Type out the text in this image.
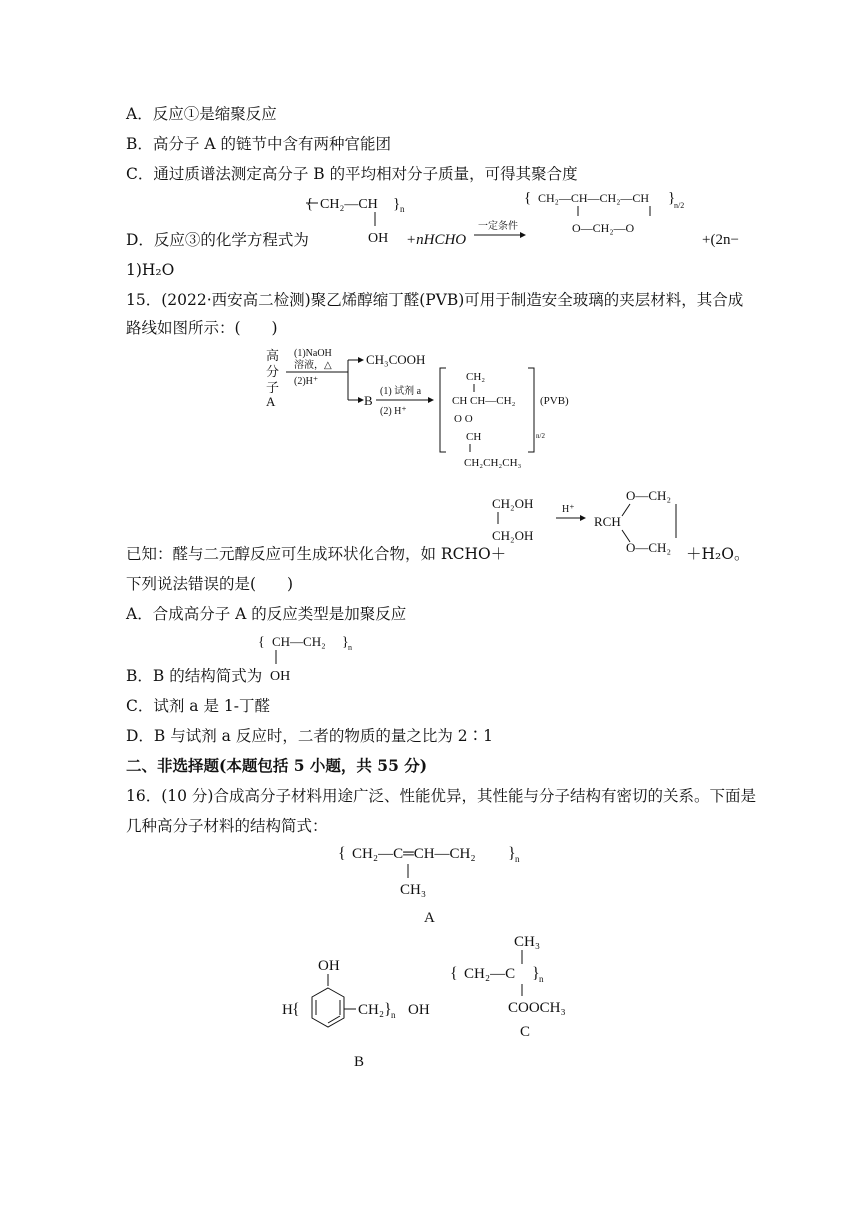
A．反应①是缩聚反应
B．高分子 A 的链节中含有两种官能团
C．通过质谱法测定高分子 B 的平均相对分子质量，可得其聚合度
D．反应③的化学方程式为
{ CH₂—CH } n
OH +nHCHO
一定条件
{ CH₂—CH—CH₂—CH }
n/2
O—CH₂—O
+(2n−
1)H₂O
15．(2022·西安高二检测)聚乙烯醇缩丁醛(PVB)可用于制造安全玻璃的夹层材料，其合成
路线如图所示：(　　)
高
分
子
A
(1)NaOH
溶液，△
(2)H⁺
CH₃COOH
B
(1) 试剂 a
(2) H⁺
CH₂
CH CH—CH₂
O O
CH
CH₂CH₂CH₃
(PVB)
n/2
CH₂OH
CH₂OH
H⁺
RCH
O—CH₂
O—CH₂
已知：醛与二元醇反应可生成环状化合物，如 RCHO＋	＋H₂O。
下列说法错误的是(　　)
A．合成高分子 A 的反应类型是加聚反应
{ CH—CH₂ } n
OH
B．B 的结构简式为
C．试剂 a 是 1-丁醛
D．B 与试剂 a 反应时，二者的物质的量之比为 2∶1
二、非选择题(本题包括 5 小题，共 55 分)
16．(10 分)合成高分子材料用途广泛、性能优异，其性能与分子结构有密切的关系。下面是
几种高分子材料的结构简式：
{ CH₂—C═CH—CH₂ } n
CH₃
A
OH
H {	CH₂ } n OH
B
CH₃
{ CH₂—C } n
COOCH₃
C
